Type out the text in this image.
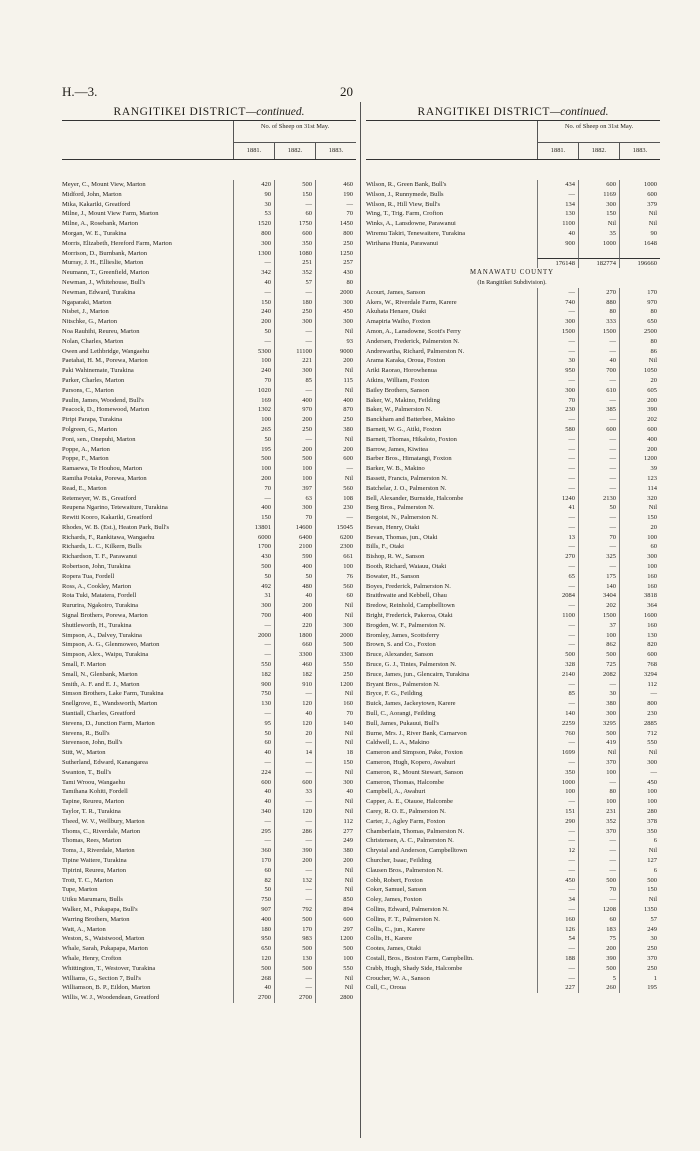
H.—3.	20
RANGITIKEI DISTRICT—continued.
No. of Sheep on 31st May.
1881.	1882.	1883.
Meyer, C., Mount View, Marton	420	500	460
Midford, John, Marton	90	150	190
Mika, Kakariki, Greatford	30	—	—
Milne, J., Mount View Farm, Marton	53	60	70
Milne, A., Rosebank, Marton	1520	1750	1450
Morgan, W. E., Turakina	800	600	800
Morris, Elizabeth, Hereford Farm, Marton	300	350	250
Morrison, D., Burnbank, Marton	1300	1080	1250
Murray, J. H., Ellieslie, Marton	—	251	257
Neumann, T., Greenfield, Marton	342	352	430
Newman, J., Whitehouse, Bull's	40	57	80
Newman, Edward, Turakina	—	—	2000
Ngaparaki, Marton	150	180	300
Nisbet, J., Marton	240	250	450
Nitschke, G., Marton	200	300	300
Noa Rauhihi, Reureu, Marton	50	—	Nil
Nolan, Charles, Marton	—	—	93
Owen and Lethbridge, Wangaehu	5300	11100	9000
Paetahai, H. M., Porewa, Marton	100	221	200
Paki Wahinemate, Turakina	240	300	Nil
Parker, Charles, Marton	70	85	115
Parsons, C., Marton	1020	—	Nil
Paulin, James, Woodend, Bull's	169	400	400
Peacock, D., Homewood, Marton	1302	970	870
Piripi Parapa, Turakina	100	200	250
Polgreen, G., Marton	265	250	380
Poni, sen., Onepuhi, Marton	50	—	Nil
Poppe, A., Marton	195	200	200
Poppe, F., Marton	500	500	600
Ramaewa, Te Houhou, Marton	100	100	—
Ramiha Potaka, Porewa, Marton	200	100	Nil
Read, E., Marton	70	397	560
Retemeyer, W. B., Greatford	—	63	108
Reupena Ngarino, Tetewaiture, Turakina	400	300	230
Rewiti Kooro, Kakariki, Greatford	150	70	—
Rhodes, W. B. (Est.), Heaton Park, Bull's	13801	14600	15045
Richards, F., Rankitawa, Wangaehu	6000	6400	6200
Richards, L. C., Kilkern, Bulls	1700	2100	2300
Richardson, T. F., Parawanui	430	590	661
Robertson, John, Turakina	500	400	100
Ropera Tua, Fordell	50	50	76
Ross, A., Cookley, Marton	492	480	560
Rota Tuki, Matatera, Fordell	31	40	60
Rururira, Ngakoiro, Turakina	300	200	Nil
Signal Brothers, Porewa, Marton	700	400	Nil
Shuttleworth, H., Turakina	—	220	300
Simpson, A., Dalvey, Turakina	2000	1800	2000
Simpson, A. G., Glenmoweo, Marton	—	660	500
Simpson, Alex., Waipu, Turakina	—	3300	3300
Small, F. Marton	550	460	550
Small, N., Glenbank, Marton	182	182	250
Smith, A. F. and E. J., Marton	900	910	1200
Simson Brothers, Lake Farm, Turakina	750	—	Nil
Snellgrove, E., Wandsworth, Marton	130	120	160
Stantiall, Charles, Greatford	—	40	70
Stevens, D., Junction Farm, Marton	95	120	140
Stevens, R., Bull's	50	20	Nil
Stevenson, John, Bull's	60	—	Nil
Stitt, W., Marton	40	14	18
Sutherland, Edward, Kanangarea	—	—	150
Swanton, T., Bull's	224	—	Nil
Tami Wroou, Wangaehu	600	600	300
Tamihana Kohiti, Fordell	40	33	40
Tapine, Reureu, Marton	40	—	Nil
Taylor, T. R., Turakina	340	120	Nil
Theed, W. V., Wellbury, Marton	—	—	112
Thoms, C., Riverdale, Marton	295	286	277
Thomas, Rees, Marton	—	—	249
Toms, J., Riverdale, Marton	360	390	380
Tipine Waitere, Turakina	170	200	200
Tipirini, Reureu, Marton	60	—	Nil
Trott, T. C., Marton	82	132	Nil
Tupe, Marton	50	—	Nil
Utiku Marumaru, Bulls	750	—	850
Walker, M., Pukapapa, Bull's	907	792	894
Warring Brothers, Marton	400	500	600
Watt, A., Marton	180	170	297
Weston, S., Waistwood, Marton	950	983	1200
Whale, Sarah, Pukapapa, Marton	650	500	500
Whale, Henry, Crofton	120	130	100
Whittington, T., Westover, Turakina	500	500	550
Williams, G., Section 7, Bull's	268	—	Nil
Williamson, B. P., Eildon, Marton	40	—	Nil
Willis, W. J., Woodendean, Greatford	2700	2700	2800
RANGITIKEI DISTRICT—continued.
No. of Sheep on 31st May.
1881.	1882.	1883.
Wilson, R., Green Bank, Bull's	434	600	1000
Wilson, J., Runnymede, Bulls	—	1169	600
Wilson, R., Hill View, Bull's	134	300	379
Wing, T., Trig. Farm, Crofton	130	150	Nil
Winks, A., Lansdowne, Parawanui	1100	Nil	Nil
Wiremu Takiri, Tenewaitere, Turakina	40	35	90
Wirihana Hunia, Parawanui	900	1000	1648
176148	182774	196660
MANAWATU COUNTY
(In Rangitikei Subdivision).
Acourt, James, Sanson	—	270	170
Akers, W., Riverdale Farm, Karere	740	880	970
Akuhata Henare, Otaki	—	80	80
Amapiria Waiho, Foxton	300	333	650
Amon, A., Lansdowne, Scott's Ferry	1500	1500	2500
Andersen, Frederick, Palmerston N.	—	—	80
Andrewartha, Richard, Palmerston N.	—	—	86
Arama Karaka, Oroua, Foxton	30	40	Nil
Ariki Raorao, Horowhenua	950	700	1050
Atkins, William, Foxton	—	—	20
Bailey Brothers, Sanson	300	610	605
Baker, W., Makino, Feilding	70	—	200
Baker, W., Palmerston N.	230	385	390
Banckham and Batterbee, Makino	—	—	202
Barnett, W. G., Atiki, Foxton	580	600	600
Barnett, Thomas, Hikaloto, Foxton	—	—	400
Barrow, James, Kiwitea	—	—	200
Barber Bros., Himatangi, Foxton	—	—	1200
Barker, W. B., Makino	—	—	39
Bassett, Francis, Palmerston N.	—	—	123
Batchelar, J. O., Palmerston N.	—	—	114
Bell, Alexander, Burnside, Halcombe	1240	2130	320
Berg Bros., Palmerston N.	41	50	Nil
Bergoist, N., Palmerston N.	—	—	150
Bevan, Henry, Otaki	—	—	20
Bevan, Thomas, jun., Otaki	13	70	100
Bills, F., Otaki	—	—	60
Bishop, R. W., Sanson	270	325	300
Booth, Richard, Waiauu, Otaki	—	—	100
Bowater, H., Sanson	65	175	160
Boyes, Frederick, Palmerston N.	—	140	160
Braithwaite and Kebbell, Ohau	2084	3404	3818
Bredow, Reinhold, Campbelltown	—	202	364
Bright, Frederick, Pakeroa, Otaki	1100	1500	1600
Brogden, W. F., Palmerston N.	—	37	160
Bromley, James, Scottsferry	—	100	130
Brown, S. and Co., Foxton	—	862	820
Bruce, Alexander, Sanson	500	500	600
Bruce, G. J., Tintes, Palmerston N.	328	725	768
Bruce, James, jun., Glencairn, Turakina	2140	2082	3294
Bryant Bros., Palmerston N.	—	—	112
Bryce, F. G., Feilding	85	30	—
Buick, James, Jackeytown, Karere	—	380	800
Bull, C., Aorangi, Feilding	140	300	230
Bull, James, Pukauui, Bull's	2259	3295	2885
Burne, Mrs. J., River Bank, Carnarvon	760	500	712
Caldwell, L. A., Makino	—	419	550
Cameron and Simpson, Pake, Foxton	1699	Nil	Nil
Cameron, Hugh, Kopero, Awahuri	—	370	300
Cameron, R., Mount Stewart, Sanson	350	100	—
Cameron, Thomas, Halcombe	1000	—	450
Campbell, A., Awahuri	100	80	100
Capper, A. E., Otauoe, Halcombe	—	100	100
Carey, R. O. E., Palmerston N.	151	231	280
Carter, J., Agley Farm, Foxton	290	352	378
Chamberlain, Thomas, Palmerston N.	—	370	350
Christensen, A. C., Palmerston N.	—	—	6
Chrystal and Anderson, Campbelltown	12	—	Nil
Churcher, Isaac, Feilding	—	—	127
Clausen Bros., Palmerston N.	—	—	6
Cobb, Robert, Foxton	450	500	500
Coker, Samuel, Sanson	—	70	150
Coley, James, Foxton	34	—	Nil
Collins, Edward, Palmerston N.	—	1208	1350
Collins, F. T., Palmerston N.	160	60	57
Collis, C., jun., Karere	126	183	249
Collis, H., Karere	54	75	30
Cootes, James, Otaki	—	200	250
Costall, Bros., Boston Farm, Campbelltn.	188	390	370
Crabb, Hugh, Shady Side, Halcombe	—	500	250
Croucher, W. A., Sanson	—	5	1
Cull, C., Oroua	227	260	195
